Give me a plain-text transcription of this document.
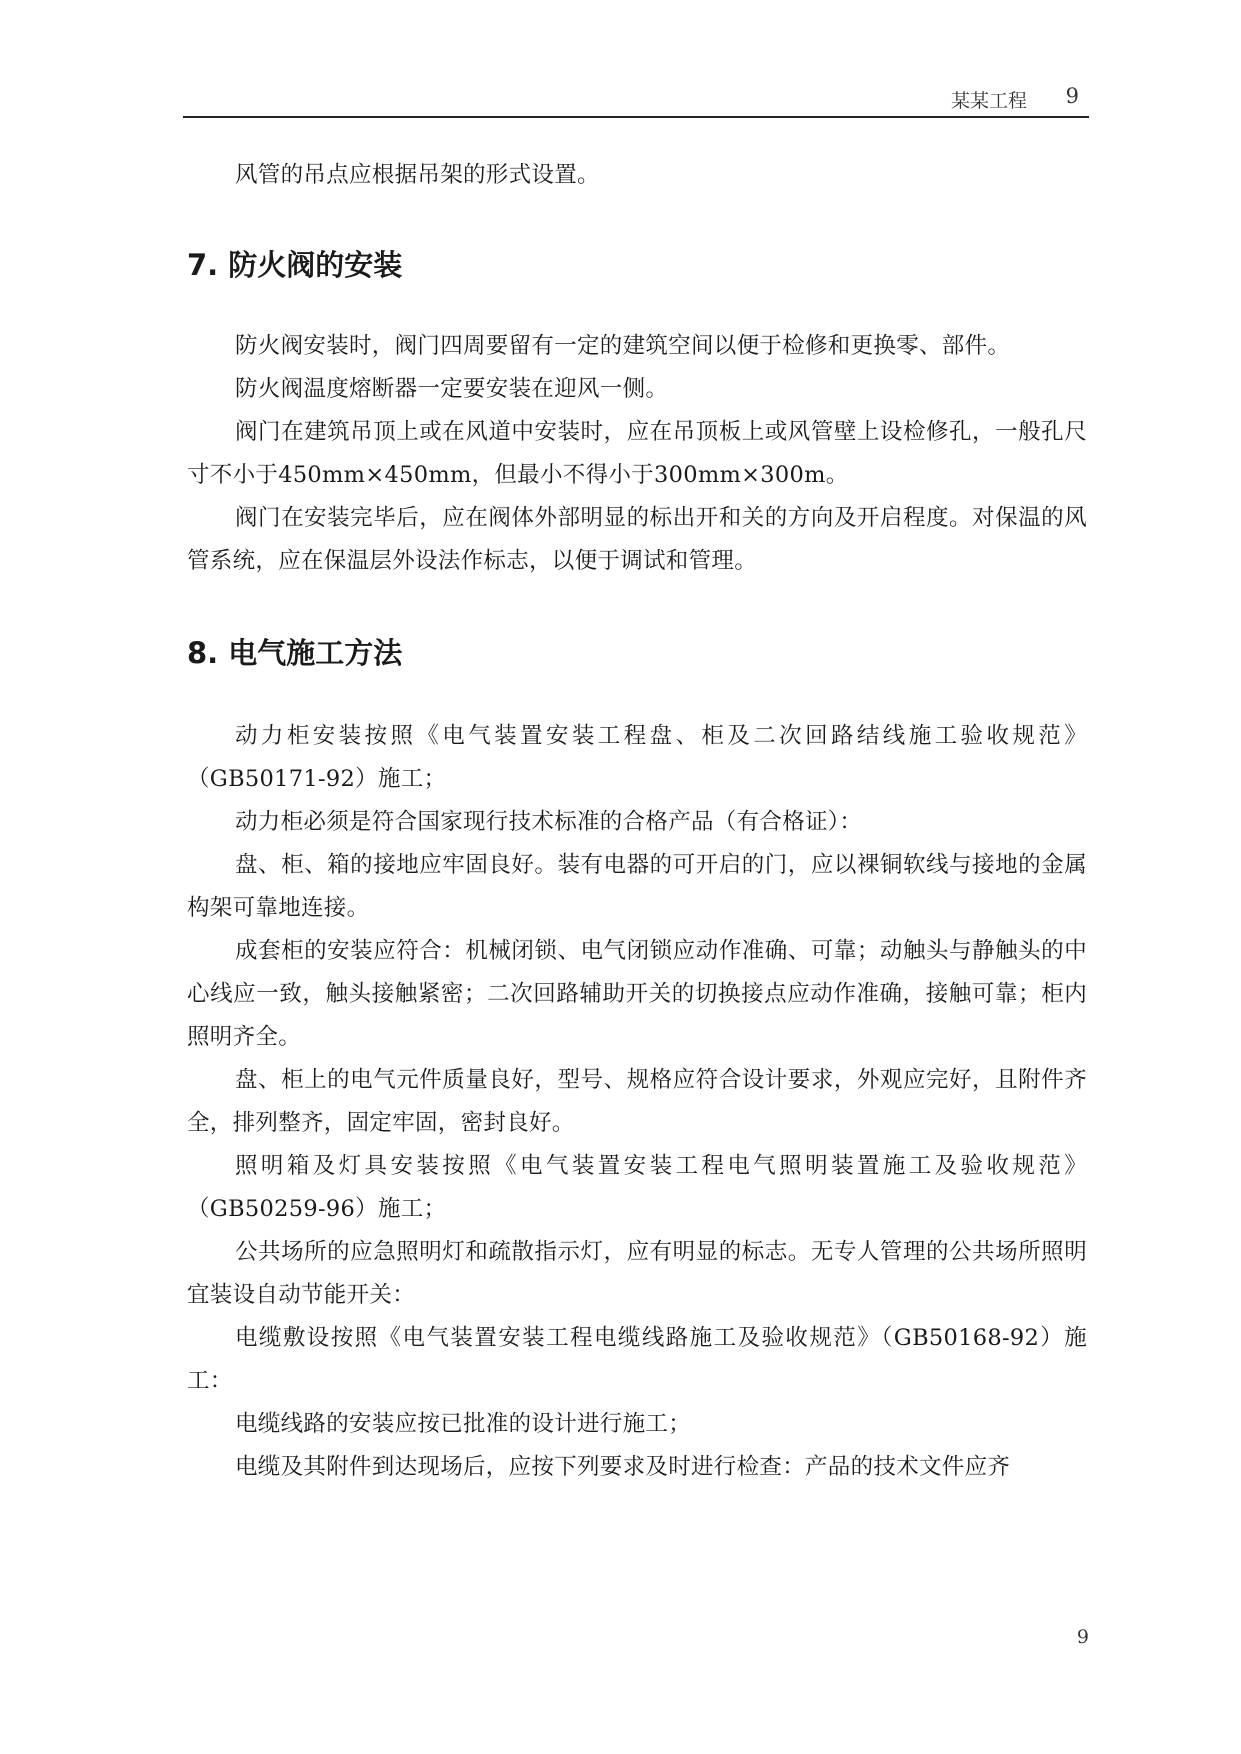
某某工程 9

风管的吊点应根据吊架的形式设置。

7. 防火阀的安装

防火阀安装时，阀门四周要留有一定的建筑空间以便于检修和更换零、部件。

防火阀温度熔断器一定要安装在迎风一侧。

阀门在建筑吊顶上或在风道中安装时，应在吊顶板上或风管壁上设检修孔，一般孔尺寸不小于450mm×450mm，但最小不得小于300mm×300m。

阀门在安装完毕后，应在阀体外部明显的标出开和关的方向及开启程度。对保温的风管系统，应在保温层外设法作标志，以便于调试和管理。

8. 电气施工方法

动力柜安装按照《电气装置安装工程盘、柜及二次回路结线施工验收规范》（GB50171-92）施工；

动力柜必须是符合国家现行技术标准的合格产品（有合格证）：

盘、柜、箱的接地应牢固良好。装有电器的可开启的门，应以裸铜软线与接地的金属构架可靠地连接。

成套柜的安装应符合：机械闭锁、电气闭锁应动作准确、可靠；动触头与静触头的中心线应一致，触头接触紧密；二次回路辅助开关的切换接点应动作准确，接触可靠；柜内照明齐全。

盘、柜上的电气元件质量良好，型号、规格应符合设计要求，外观应完好，且附件齐全，排列整齐，固定牢固，密封良好。

照明箱及灯具安装按照《电气装置安装工程电气照明装置施工及验收规范》（GB50259-96）施工；

公共场所的应急照明灯和疏散指示灯，应有明显的标志。无专人管理的公共场所照明宜装设自动节能开关：

电缆敷设按照《电气装置安装工程电缆线路施工及验收规范》（GB50168-92）施工：

电缆线路的安装应按已批准的设计进行施工；

电缆及其附件到达现场后，应按下列要求及时进行检查：产品的技术文件应齐

9
